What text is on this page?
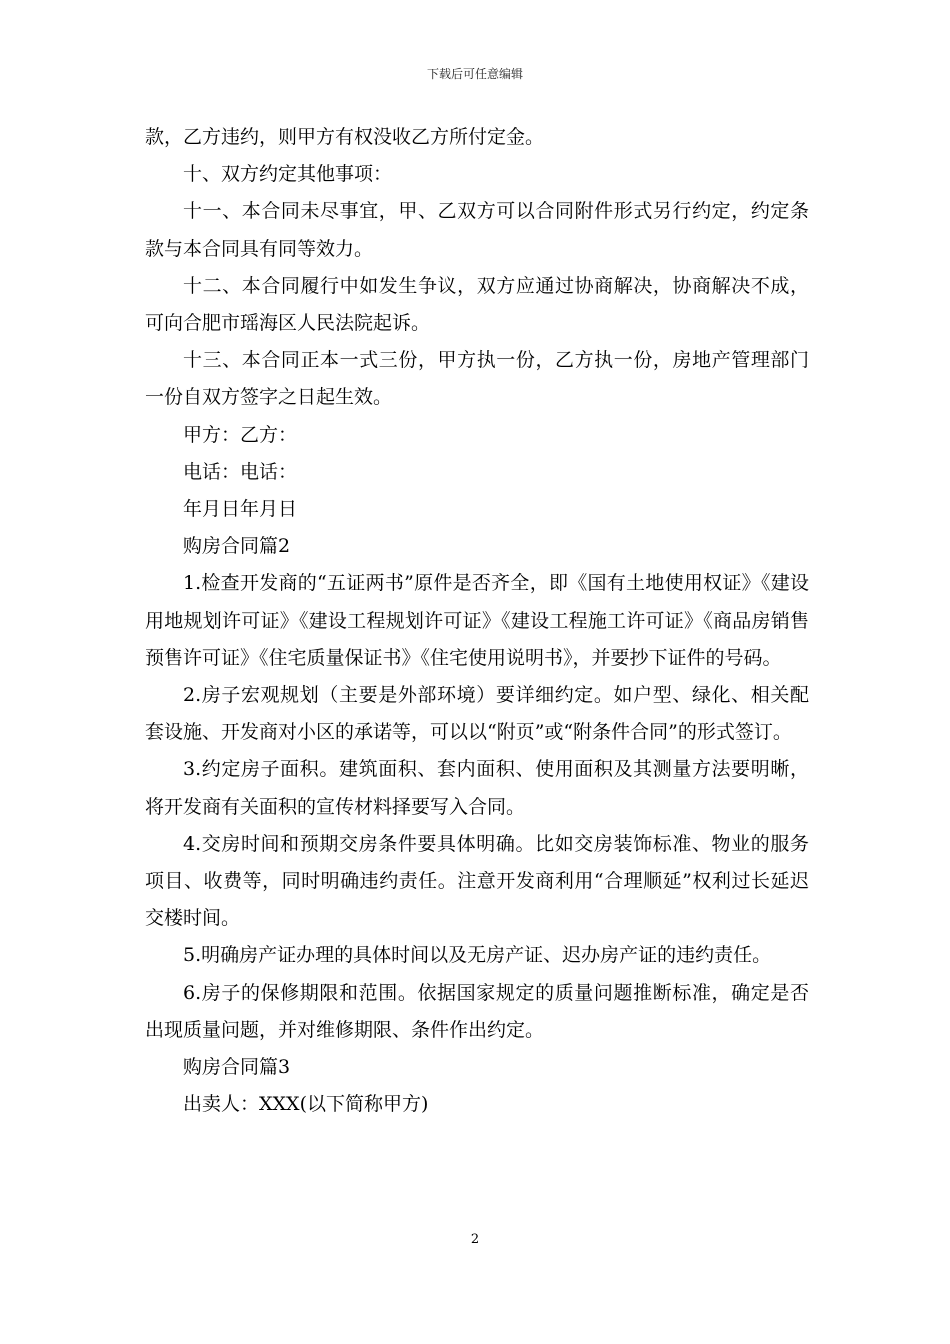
下载后可任意编辑

款，乙方违约，则甲方有权没收乙方所付定金。

十、双方约定其他事项：

十一、本合同未尽事宜，甲、乙双方可以合同附件形式另行约定，约定条款与本合同具有同等效力。

十二、本合同履行中如发生争议，双方应通过协商解决，协商解决不成，可向合肥市瑶海区人民法院起诉。

十三、本合同正本一式三份，甲方执一份，乙方执一份，房地产管理部门一份自双方签字之日起生效。

甲方：乙方：

电话：电话：

年月日年月日

购房合同篇2

1.检查开发商的“五证两书”原件是否齐全，即《国有土地使用权证》《建设用地规划许可证》《建设工程规划许可证》《建设工程施工许可证》《商品房销售预售许可证》《住宅质量保证书》《住宅使用说明书》，并要抄下证件的号码。

2.房子宏观规划（主要是外部环境）要详细约定。如户型、绿化、相关配套设施、开发商对小区的承诺等，可以以“附页”或“附条件合同”的形式签订。

3.约定房子面积。建筑面积、套内面积、使用面积及其测量方法要明晰，将开发商有关面积的宣传材料择要写入合同。

4.交房时间和预期交房条件要具体明确。比如交房装饰标准、物业的服务项目、收费等，同时明确违约责任。注意开发商利用“合理顺延”权利过长延迟交楼时间。

5.明确房产证办理的具体时间以及无房产证、迟办房产证的违约责任。

6.房子的保修期限和范围。依据国家规定的质量问题推断标准，确定是否出现质量问题，并对维修期限、条件作出约定。

购房合同篇3

出卖人：XXX(以下简称甲方)

2
